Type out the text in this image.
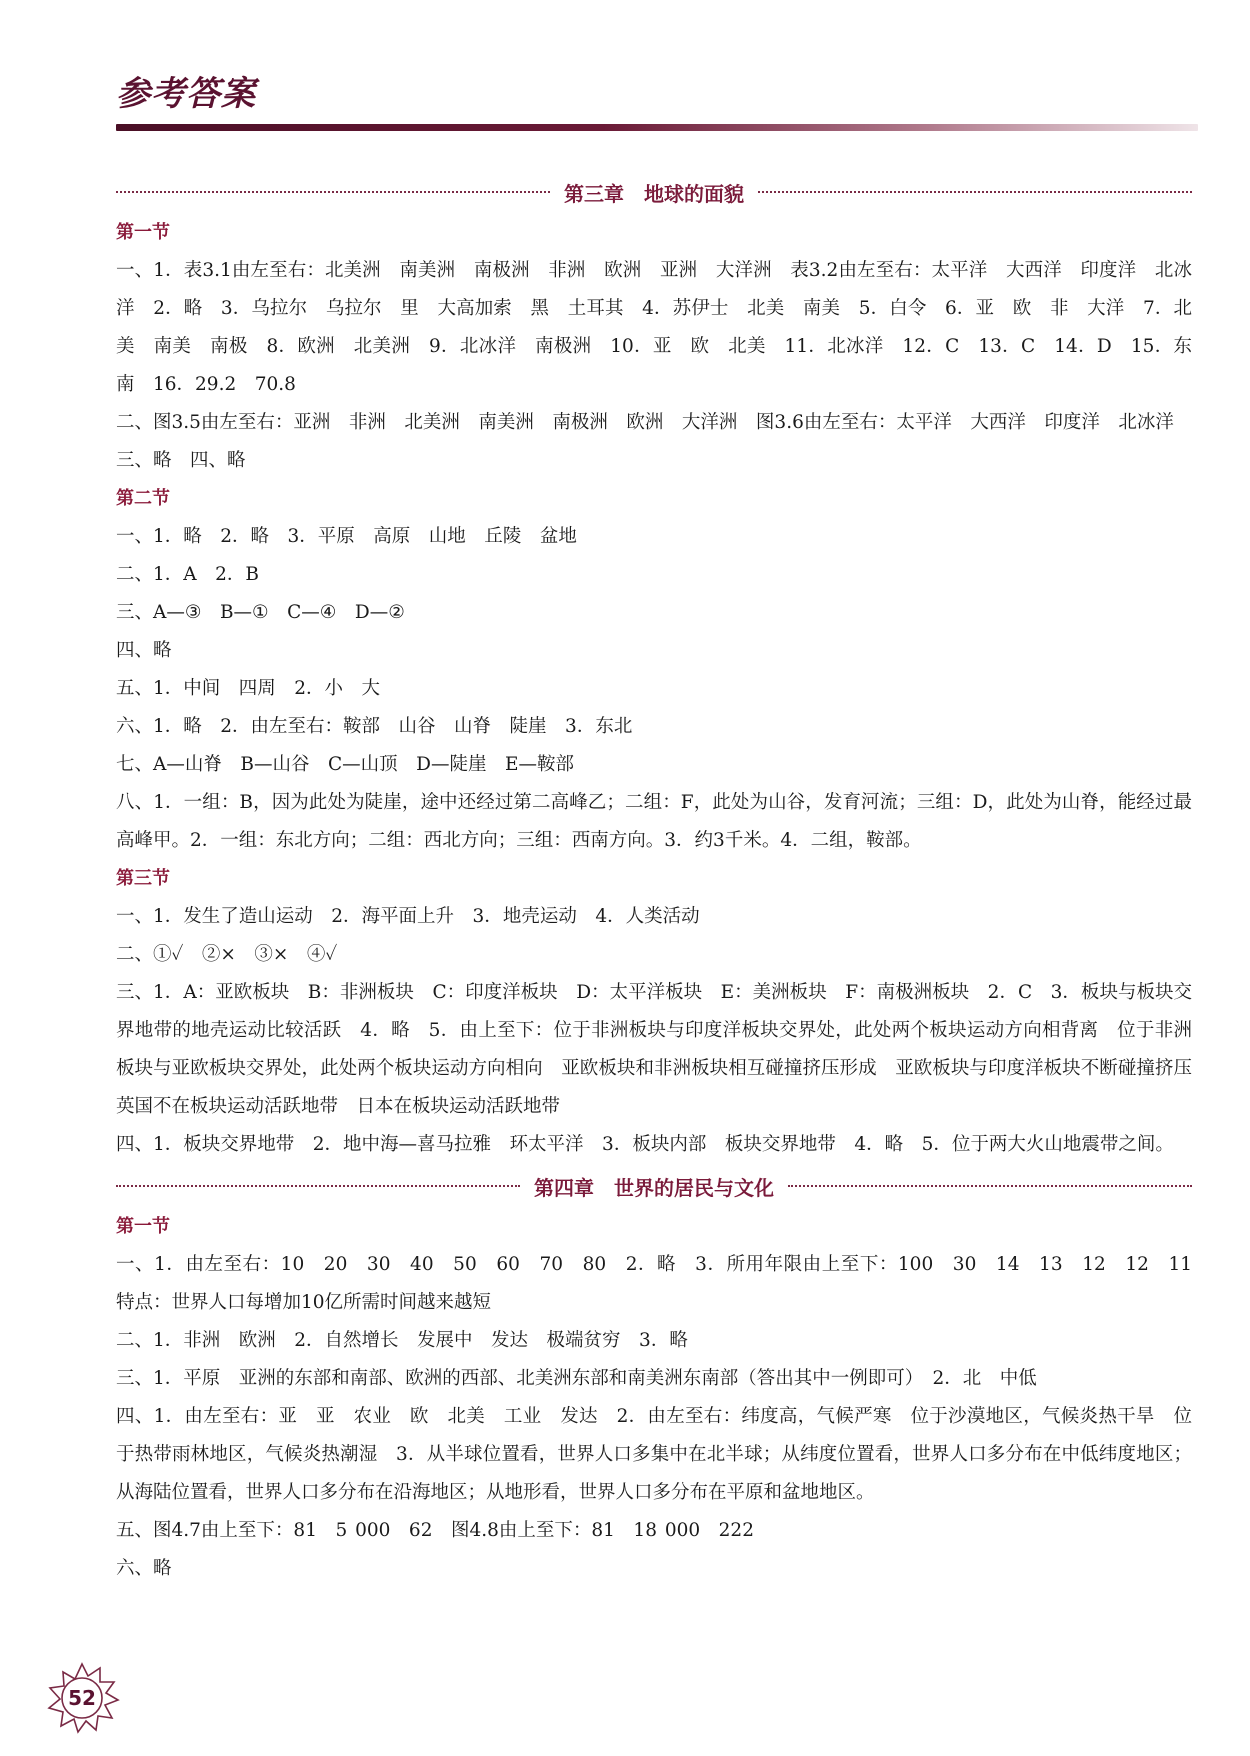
参考答案
第三章　地球的面貌
第一节

一、1．表3.1由左至右：北美洲　南美洲　南极洲　非洲　欧洲　亚洲　大洋洲　表3.2由左至右：太平洋　大西洋　印度洋　北冰洋　2．略　3．乌拉尔　乌拉尔　里　大高加索　黑　土耳其　4．苏伊士　北美　南美　5．白令　6．亚　欧　非　大洋　7．北美　南美　南极　8．欧洲　北美洲　9．北冰洋　南极洲　10．亚　欧　北美　11．北冰洋　12．C　13．C　14．D　15．东　南　16．29.2　70.8

二、图3.5由左至右：亚洲　非洲　北美洲　南美洲　南极洲　欧洲　大洋洲　图3.6由左至右：太平洋　大西洋　印度洋　北冰洋

三、略　四、略

第二节

一、1．略　2．略　3．平原　高原　山地　丘陵　盆地

二、1．A　2．B

三、A—③　B—①　C—④　D—②

四、略

五、1．中间　四周　2．小　大

六、1．略　2．由左至右：鞍部　山谷　山脊　陡崖　3．东北

七、A—山脊　B—山谷　C—山顶　D—陡崖　E—鞍部

八、1．一组：B，因为此处为陡崖，途中还经过第二高峰乙；二组：F，此处为山谷，发育河流；三组：D，此处为山脊，能经过最高峰甲。2．一组：东北方向；二组：西北方向；三组：西南方向。3．约3千米。4．二组，鞍部。

第三节

一、1．发生了造山运动　2．海平面上升　3．地壳运动　4．人类活动

二、①✓　②×　③×　④✓

三、1．A：亚欧板块　B：非洲板块　C：印度洋板块　D：太平洋板块　E：美洲板块　F：南极洲板块　2．C　3．板块与板块交界地带的地壳运动比较活跃　4．略　5．由上至下：位于非洲板块与印度洋板块交界处，此处两个板块运动方向相背离　位于非洲板块与亚欧板块交界处，此处两个板块运动方向相向　亚欧板块和非洲板块相互碰撞挤压形成　亚欧板块与印度洋板块不断碰撞挤压　英国不在板块运动活跃地带　日本在板块运动活跃地带

四、1．板块交界地带　2．地中海—喜马拉雅　环太平洋　3．板块内部　板块交界地带　4．略　5．位于两大火山地震带之间。

第四章　世界的居民与文化
第一节

一、1．由左至右：10　20　30　40　50　60　70　80　2．略　3．所用年限由上至下：100　30　14　13　12　12　11　特点：世界人口每增加10亿所需时间越来越短

二、1．非洲　欧洲　2．自然增长　发展中　发达　极端贫穷　3．略

三、1．平原　亚洲的东部和南部、欧洲的西部、北美洲东部和南美洲东南部（答出其中一例即可）　2．北　中低

四、1．由左至右：亚　亚　农业　欧　北美　工业　发达　2．由左至右：纬度高，气候严寒　位于沙漠地区，气候炎热干旱　位于热带雨林地区，气候炎热潮湿　3．从半球位置看，世界人口多集中在北半球；从纬度位置看，世界人口多分布在中低纬度地区；从海陆位置看，世界人口多分布在沿海地区；从地形看，世界人口多分布在平原和盆地地区。

五、图4.7由上至下：81　5 000　62　图4.8由上至下：81　18 000　222

六、略

52
